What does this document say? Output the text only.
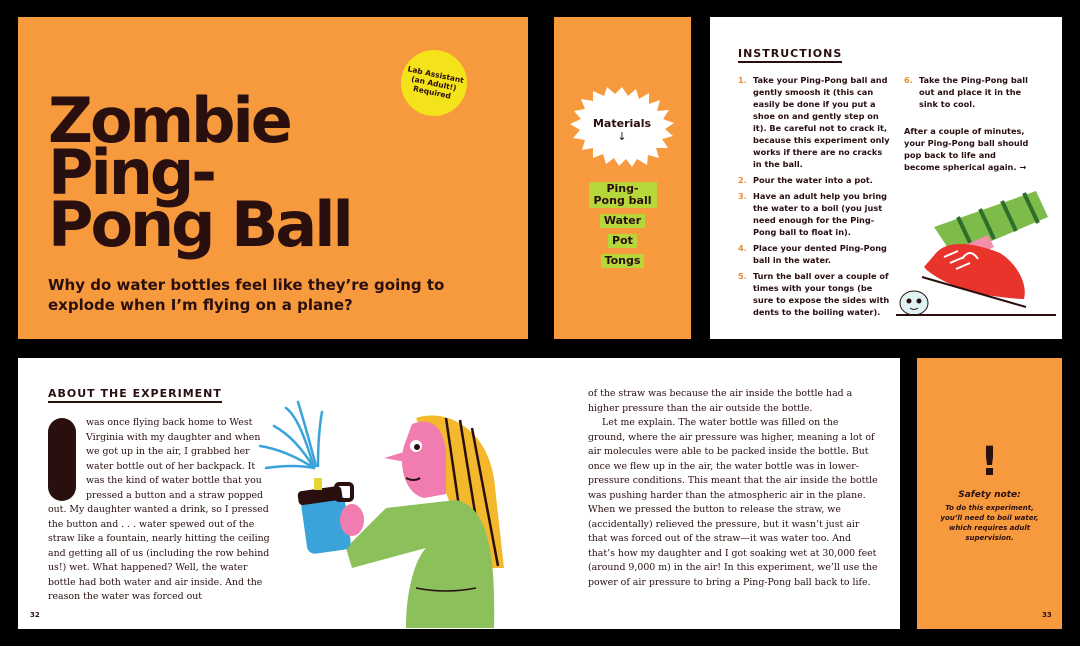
Zombie
Ping-
Pong Ball

Why do water bottles feel like they’re going to explode when I’m flying on a plane?

Lab Assistant (an Adult!) Required
Materials
↓
Ping-Pong ball
Water
Pot
Tongs
INSTRUCTIONS
1. Take your Ping-Pong ball and gently smoosh it (this can easily be done if you put a shoe on and gently step on it). Be careful not to crack it, because this experiment only works if there are no cracks in the ball.
2. Pour the water into a pot.
3. Have an adult help you bring the water to a boil (you just need enough for the Ping-Pong ball to float in).
4. Place your dented Ping-Pong ball in the water.
5. Turn the ball over a couple of times with your tongs (be sure to expose the sides with dents to the boiling water).
6. Take the Ping-Pong ball out and place it in the sink to cool.

After a couple of minutes, your Ping-Pong ball should pop back to life and become spherical again. →

ABOUT THE EXPERIMENT

was once flying back home to West Virginia with my daughter and when we got up in the air, I grabbed her water bottle out of her backpack. It was the kind of water bottle that you pressed a button and a straw popped out. My daughter wanted a drink, so I pressed the button and . . . water spewed out of the straw like a fountain, nearly hitting the ceiling and getting all of us (including the row behind us!) wet. What happened? Well, the water bottle had both water and air inside. And the reason the water was forced out

of the straw was because the air inside the bottle had a higher pressure than the air outside the bottle.

Let me explain. The water bottle was filled on the ground, where the air pressure was higher, meaning a lot of air molecules were able to be packed inside the bottle. But once we flew up in the air, the water bottle was in lower-pressure conditions. This meant that the air inside the bottle was pushing harder than the atmospheric air in the plane. When we pressed the button to release the straw, we (accidentally) relieved the pressure, but it wasn’t just air that was forced out of the straw—it was water too. And that’s how my daughter and I got soaking wet at 30,000 feet (around 9,000 m) in the air! In this experiment, we’ll use the power of air pressure to bring a Ping-Pong ball back to life.

32
!

Safety note:

To do this experiment, you’ll need to boil water, which requires adult supervision.

33
